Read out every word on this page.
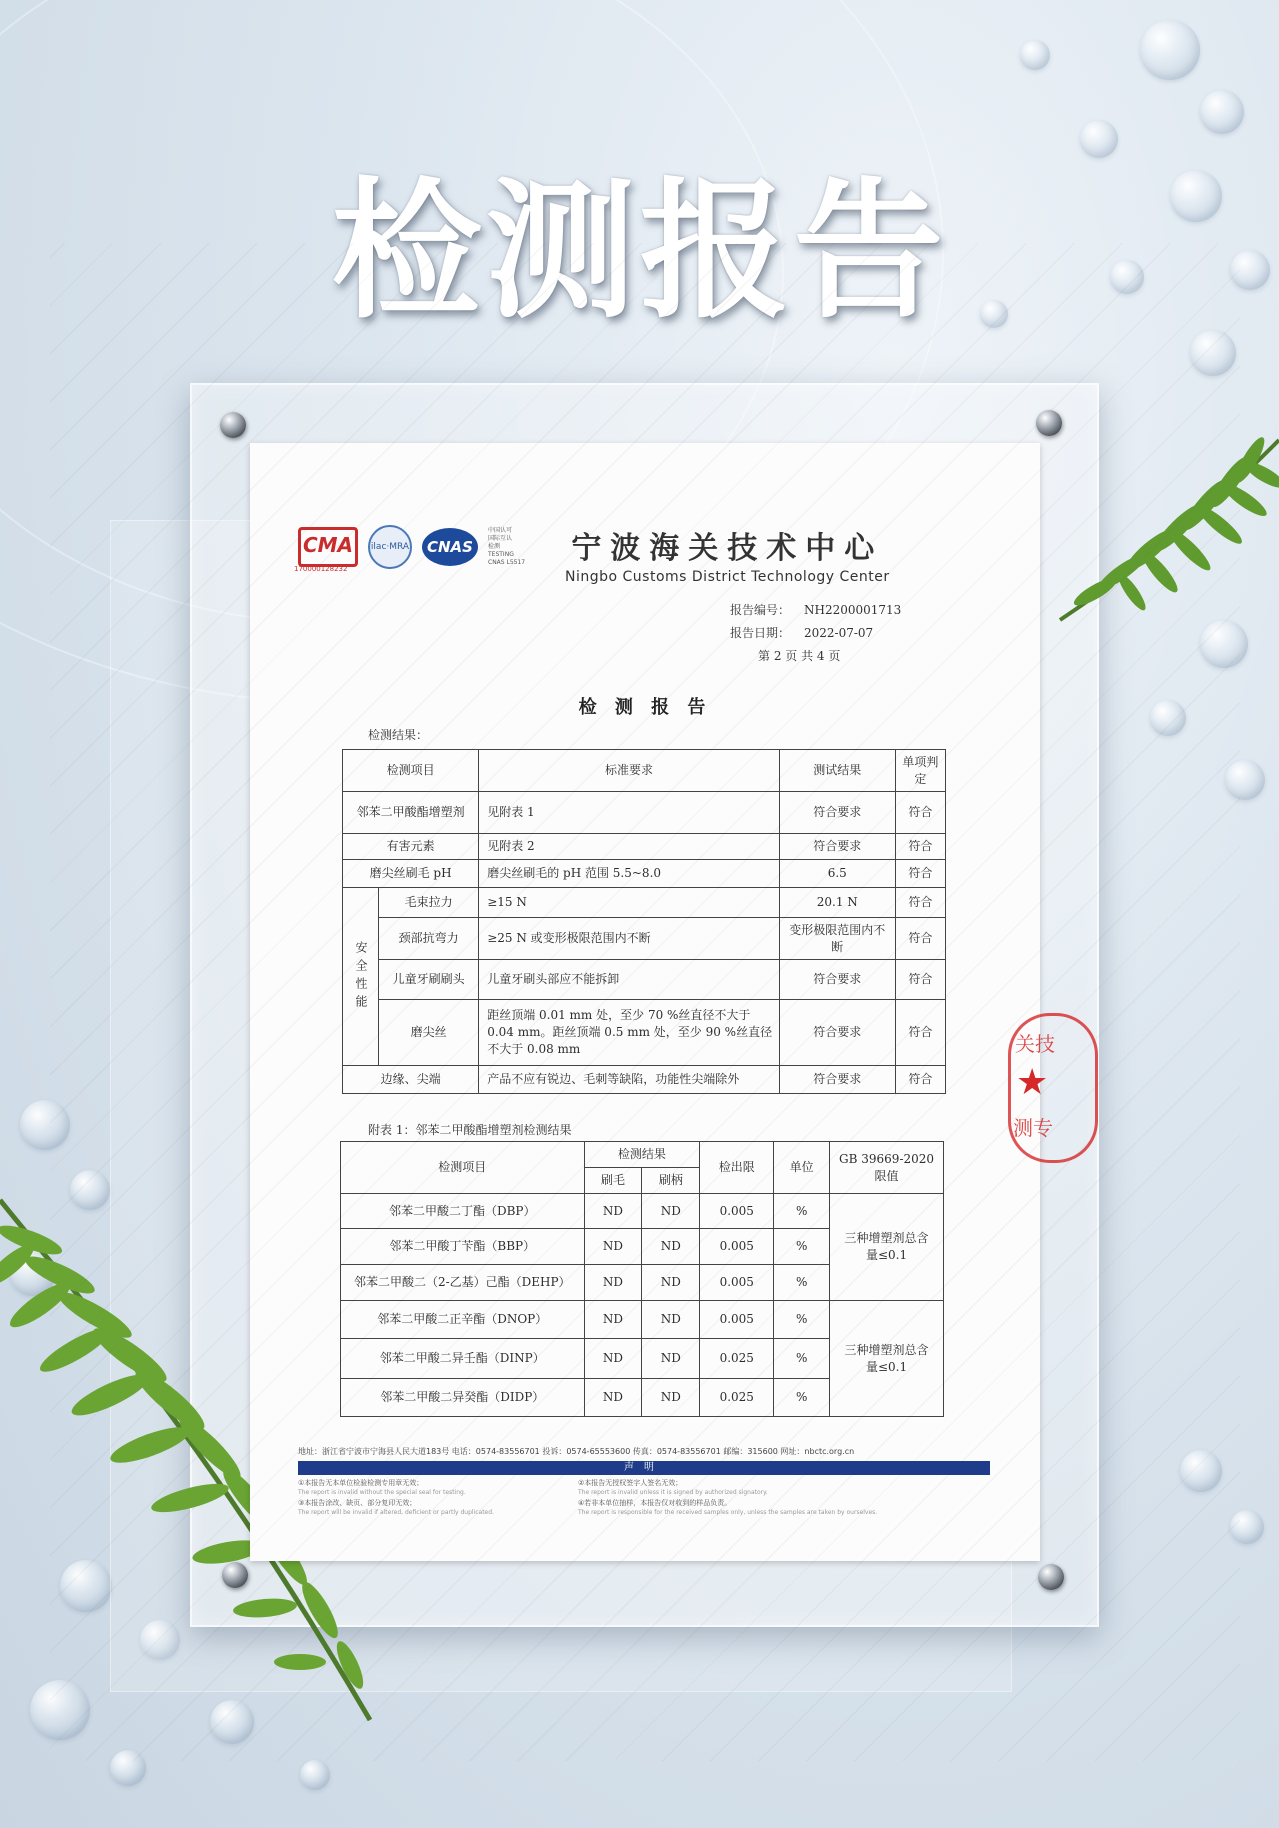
检测报告
CMA	ilac·MRA	CNAS
中国认可
国际互认
检测
TESTING
CNAS L5517
170000128232
宁波海关技术中心
Ningbo Customs District Technology Center
报告编号： NH2200001713
报告日期： 2022-07-07
第 2 页 共 4 页
检 测 报 告
检测结果：
检测项目		标准要求	测试结果	单项判定
邻苯二甲酸酯增塑剂		见附表 1	符合要求	符合
有害元素		见附表 2	符合要求	符合
磨尖丝刷毛 pH		磨尖丝刷毛的 pH 范围 5.5~8.0	6.5	符合
安全性能	毛束拉力	≥15 N	20.1 N	符合
	颈部抗弯力	≥25 N 或变形极限范围内不断	变形极限范围内不断	符合
	儿童牙刷刷头	儿童牙刷头部应不能拆卸	符合要求	符合
	磨尖丝	距丝顶端 0.01 mm 处，至少 70 %丝直径不大于 0.04 mm。距丝顶端 0.5 mm 处，至少 90 %丝直径不大于 0.08 mm	符合要求	符合
边缘、尖端		产品不应有锐边、毛刺等缺陷，功能性尖端除外	符合要求	符合
关技
★
测专
附表 1：邻苯二甲酸酯增塑剂检测结果
检测项目	检测结果		检出限	单位	GB 39669-2020 限值
	刷毛	刷柄			
邻苯二甲酸二丁酯（DBP）	ND	ND	0.005	%	三种增塑剂总含量≤0.1
邻苯二甲酸丁苄酯（BBP）	ND	ND	0.005	%	
邻苯二甲酸二（2-乙基）己酯（DEHP）	ND	ND	0.005	%	
邻苯二甲酸二正辛酯（DNOP）	ND	ND	0.005	%	三种增塑剂总含量≤0.1
邻苯二甲酸二异壬酯（DINP）	ND	ND	0.025	%	
邻苯二甲酸二异癸酯（DIDP）	ND	ND	0.025	%	
地址：浙江省宁波市宁海县人民大道183号 电话：0574-83556701 投诉：0574-65553600 传真：0574-83556701 邮编：315600 网址：nbctc.org.cn
声明
①本报告无本单位检验检测专用章无效；
The report is invalid without the special seal for testing.
②本报告无授权签字人签名无效；
The report is invalid unless it is signed by authorized signatory.
③本报告涂改、缺页、部分复印无效；
The report will be invalid if altered, deficient or partly duplicated.
④若非本单位抽样，本报告仅对收到的样品负责。
The report is responsible for the received samples only, unless the samples are taken by ourselves.
